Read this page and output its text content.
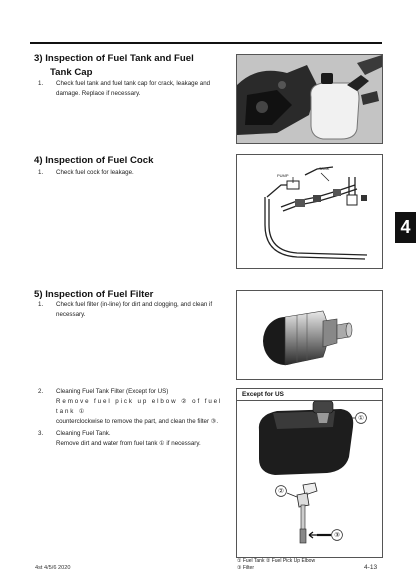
3) Inspection of Fuel Tank and Fuel
Tank Cap
1. Check fuel tank and fuel tank cap for crack, leakage and
damage. Replace if necessary.
4) Inspection of Fuel Cock
1. Check fuel cock for leakage.	PUMP
TANK
4
5) Inspection of Fuel Filter
1. Check fuel filter (in-line) for dirt and clogging, and clean if
necessary.
2. Cleaning Fuel Tank Filter (Except for US)
Remove fuel pick up elbow ② of fuel tank ①
counterclockwise to remove the part, and clean the filter ③.
3. Cleaning Fuel Tank.
Remove dirt and water from fuel tank ① if necessary.
Except for US
①
②
③
① Fuel Tank ② Fuel Pick Up Elbow
③ Filter
4st 4/5/6 2020	4-13
